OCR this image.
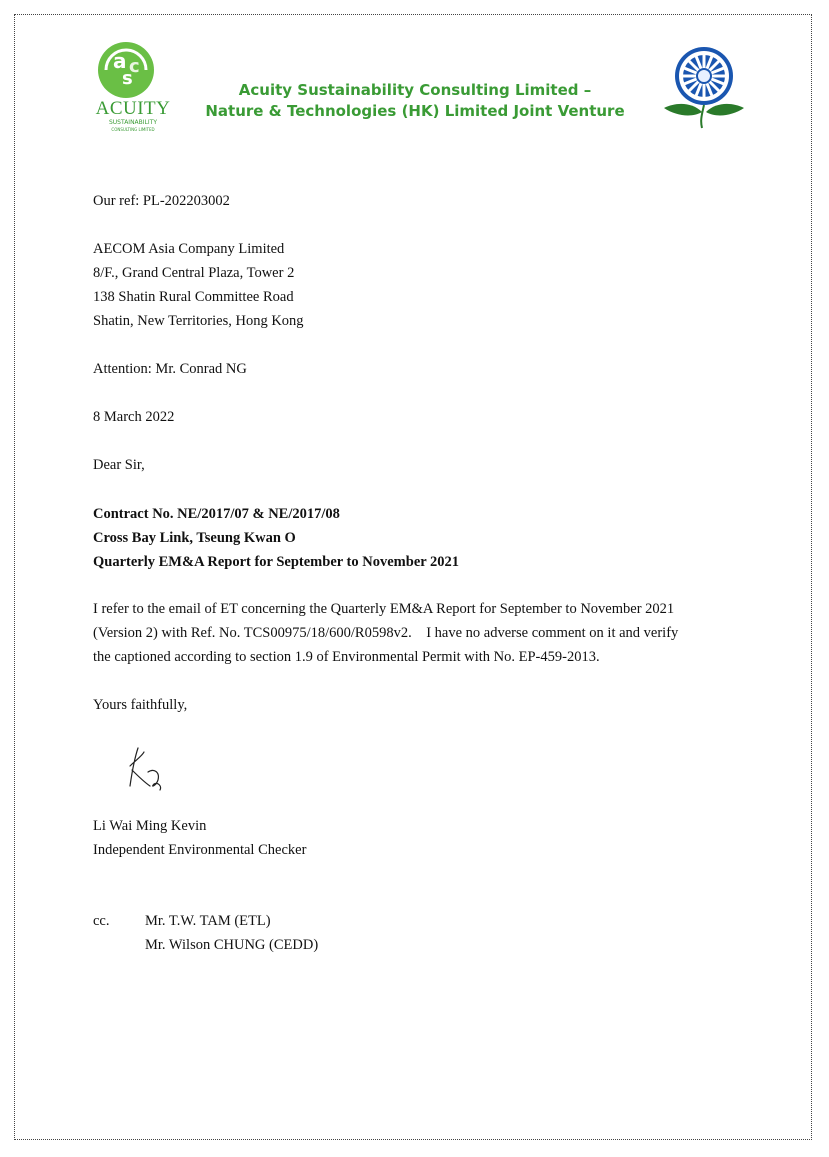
a
s
c
ACUITY
SUSTAINABILITY
CONSULTING LIMITED
Acuity Sustainability Consulting Limited –
Nature & Technologies (HK) Limited Joint Venture
Our ref: PL-202203002
AECOM Asia Company Limited
8/F., Grand Central Plaza, Tower 2
138 Shatin Rural Committee Road
Shatin, New Territories, Hong Kong
Attention: Mr. Conrad NG
8 March 2022
Dear Sir,
Contract No. NE/2017/07 & NE/2017/08
Cross Bay Link, Tseung Kwan O
Quarterly EM&A Report for September to November 2021
I refer to the email of ET concerning the Quarterly EM&A Report for September to November 2021
(Version 2) with Ref. No. TCS00975/18/600/R0598v2.    I have no adverse comment on it and verify
the captioned according to section 1.9 of Environmental Permit with No. EP-459-2013.
Yours faithfully,
Li Wai Ming Kevin
Independent Environmental Checker
cc. Mr. T.W. TAM (ETL)
Mr. Wilson CHUNG (CEDD)
